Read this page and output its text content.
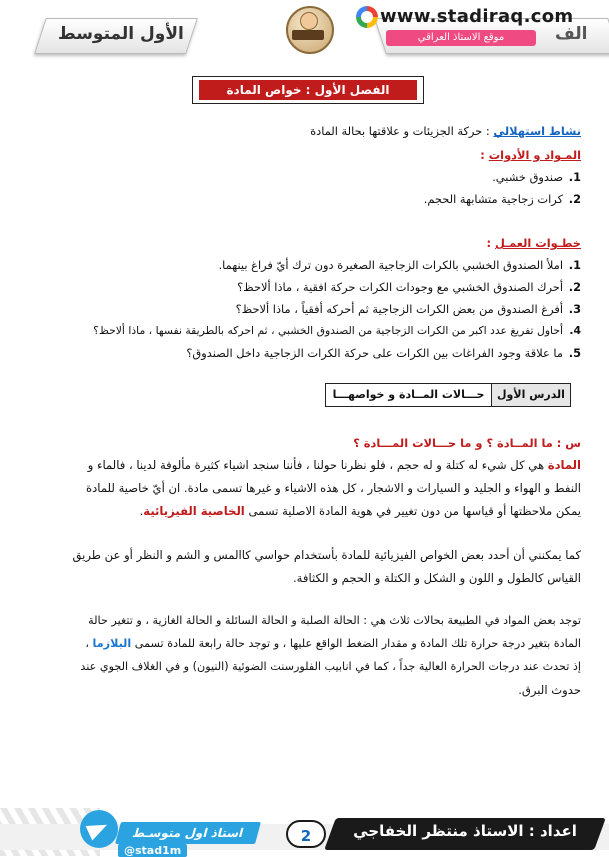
الأول المتوسط	الف
www.stadiraq.com
موقع الاستاذ العراقي
الفصل الأول : خواص المادة
نشاط استهلالي : حركة الجزيئات و علاقتها بحالة المادة
المـواد و الأدوات :
1.صندوق خشبي.
2.كرات زجاجية متشابهة الحجم.
خطـوات العمـل :
1.املأ الصندوق الخشبي بالكرات الزجاجية الصغيرة دون ترك أيّ فراغ بينهما.
2.أحرك الصندوق الخشبي مع وجودات الكرات حركة افقية ، ماذا ألاحظ؟
3.أفرغ الصندوق من بعض الكرات الزجاجية ثم أحركه أفقياً ، ماذا ألاحظ؟
4.أحاول تفريغ عدد اكبر من الكرات الزجاجية من الصندوق الخشبي ، ثم احركه بالطريقة نفسها ، ماذا ألاحظ؟
5.ما علاقة وجود الفراغات بين الكرات على حركة الكرات الزجاجية داخل الصندوق؟
الدرس الأول
حـــالات المــادة و خواصهـــا
س : ما المــادة ؟ و ما حـــالات المـــادة ؟
المادة هي كل شيء له كتلة و له حجم ، فلو نظرنا حولنا ، فأننا سنجد اشياء كثيرة مألوفة لدينا ، فالماء و
النفط و الهواء و الجليد و السيارات و الاشجار ، كل هذه الاشياء و غيرها تسمى مادة. ان أيّ خاصية للمادة
يمكن ملاحظتها أو قياسها من دون تغيير في هوية المادة الاصلية تسمى الخاصية الفيزيائية.
كما يمكنني أن أحدد بعض الخواص الفيزيائية للمادة بأستخدام حواسي كاالمس و الشم و النظر أو عن طريق
القياس كالطول و اللون و الشكل و الكتلة و الحجم و الكثافة.
توجد بعض المواد في الطبيعة بحالات ثلاث هي : الحالة الصلبة و الحالة السائلة و الحالة الغازية ، و تتغير حالة
المادة بتغير درجة حرارة تلك المادة و مقدار الضغط الواقع عليها ، و توجد حالة رابعة للمادة تسمى البلازما ،
إذ تحدث عند درجات الحرارة العالية جداً ، كما في انابيب الفلورسنت الضوئية (النيون) و في الغلاف الجوي عند
حدوث البرق.
استاذ اول متوسـط
@stad1m
2	اعداد : الاستاذ منتظر الخفاجي
